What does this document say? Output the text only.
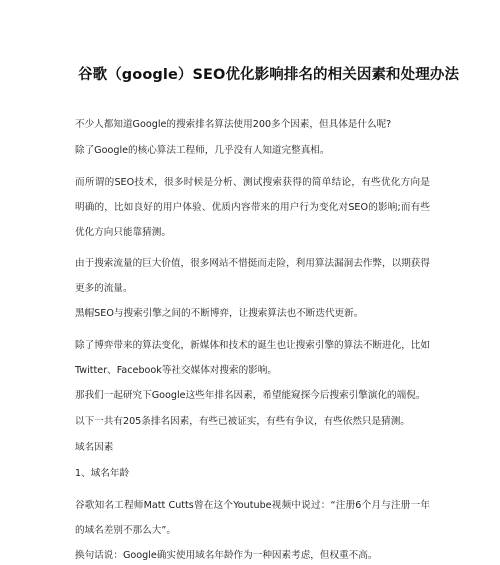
谷歌（google）SEO优化影响排名的相关因素和处理办法

不少人都知道Google的搜索排名算法使用200多个因素，但具体是什么呢?

除了Google的核心算法工程师，几乎没有人知道完整真相。

而所谓的SEO技术，很多时候是分析、测试搜索获得的简单结论，有些优化方向是明确的，比如良好的用户体验、优质内容带来的用户行为变化对SEO的影响;而有些优化方向只能靠猜测。

由于搜索流量的巨大价值，很多网站不惜挺而走险，利用算法漏洞去作弊，以期获得更多的流量。

黑帽SEO与搜索引擎之间的不断博弈，让搜索算法也不断迭代更新。

除了博弈带来的算法变化，新媒体和技术的诞生也让搜索引擎的算法不断进化，比如Twitter、Facebook等社交媒体对搜索的影响。

那我们一起研究下Google这些年排名因素，希望能窥探今后搜索引擎演化的端倪。

以下一共有205条排名因素，有些已被证实，有些有争议，有些依然只是猜测。

域名因素

1、域名年龄

谷歌知名工程师Matt Cutts曾在这个Youtube视频中说过：“注册6个月与注册一年的域名差别不那么大”。

换句话说：Google确实使用域名年龄作为一种因素考虑，但权重不高。
